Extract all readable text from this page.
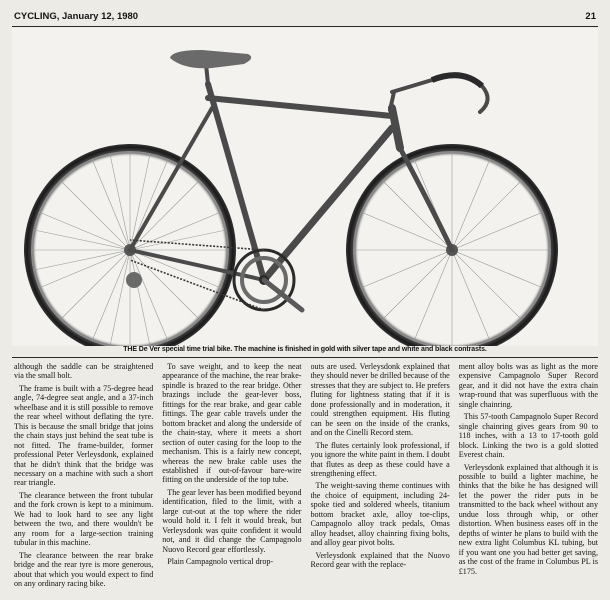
CYCLING, January 12, 1980	21
THE De Ver special time trial bike. The machine is finished in gold with silver tape and white and black contrasts.

although the saddle can be straightened via the small bolt.

The frame is built with a 75-degree head angle, 74-degree seat angle, and a 37-inch wheelbase and it is still possible to remove the rear wheel without deflating the tyre. This is because the small bridge that joins the chain stays just behind the seat tube is not fitted. The frame-builder, former professional Peter Verleysdonk, explained that he didn't think that the bridge was necessary on a machine with such a short rear triangle.

The clearance between the front tubular and the fork crown is kept to a minimum. We had to look hard to see any light between the two, and there wouldn't be any room for a large-section training tubular in this machine.

The clearance between the rear brake bridge and the rear tyre is more generous, about that which you would expect to find on any ordinary racing bike.

To save weight, and to keep the neat appearance of the machine, the rear brake-spindle is brazed to the rear bridge. Other brazings include the gear-lever boss, fittings for the rear brake, and gear cable fittings. The gear cable travels under the bottom bracket and along the underside of the chain-stay, where it meets a short section of outer casing for the loop to the mechanism. This is a fairly new concept, whereas the new brake cable uses the established if out-of-favour bare-wire fitting on the underside of the top tube.

The gear lever has been modified beyond identification, filed to the limit, with a large cut-out at the top where the rider would hold it. I felt it would break, but Verleysdonk was quite confident it would not, and it did change the Campagnolo Nuovo Record gear effortlessly.

Plain Campagnolo vertical drop-

outs are used. Verleysdonk explained that they should never be drilled because of the stresses that they are subject to. He prefers fluting for lightness stating that if it is done professionally and in moderation, it could strengthen equipment. His fluting can be seen on the inside of the cranks, and on the Cinelli Record stem.

The flutes certainly look professional, if you ignore the white paint in them. I doubt that flutes as deep as these could have a strengthening effect.

The weight-saving theme continues with the choice of equipment, including 24-spoke tied and soldered wheels, titanium bottom bracket axle, alloy toe-clips, Campagnolo alloy track pedals, Omas alloy headset, alloy chainring fixing bolts, and alloy gear pivot bolts.

Verleysdonk explained that the Nuovo Record gear with the replace-

ment alloy bolts was as light as the more expensive Campagnolo Super Record gear, and it did not have the extra chain wrap-round that was superfluous with the single chainring.

This 57-tooth Campagnolo Super Record single chainring gives gears from 90 to 118 inches, with a 13 to 17-tooth gold block. Linking the two is a gold slotted Everest chain.

Verleysdonk explained that although it is possible to build a lighter machine, he thinks that the bike he has designed will let the power the rider puts in be transmitted to the back wheel without any undue loss through whip, or other distortion. When business eases off in the depths of winter he plans to build with the new extra light Columbus KL tubing, but if you want one you had better get saving, as the cost of the frame in Columbus PL is £175.
